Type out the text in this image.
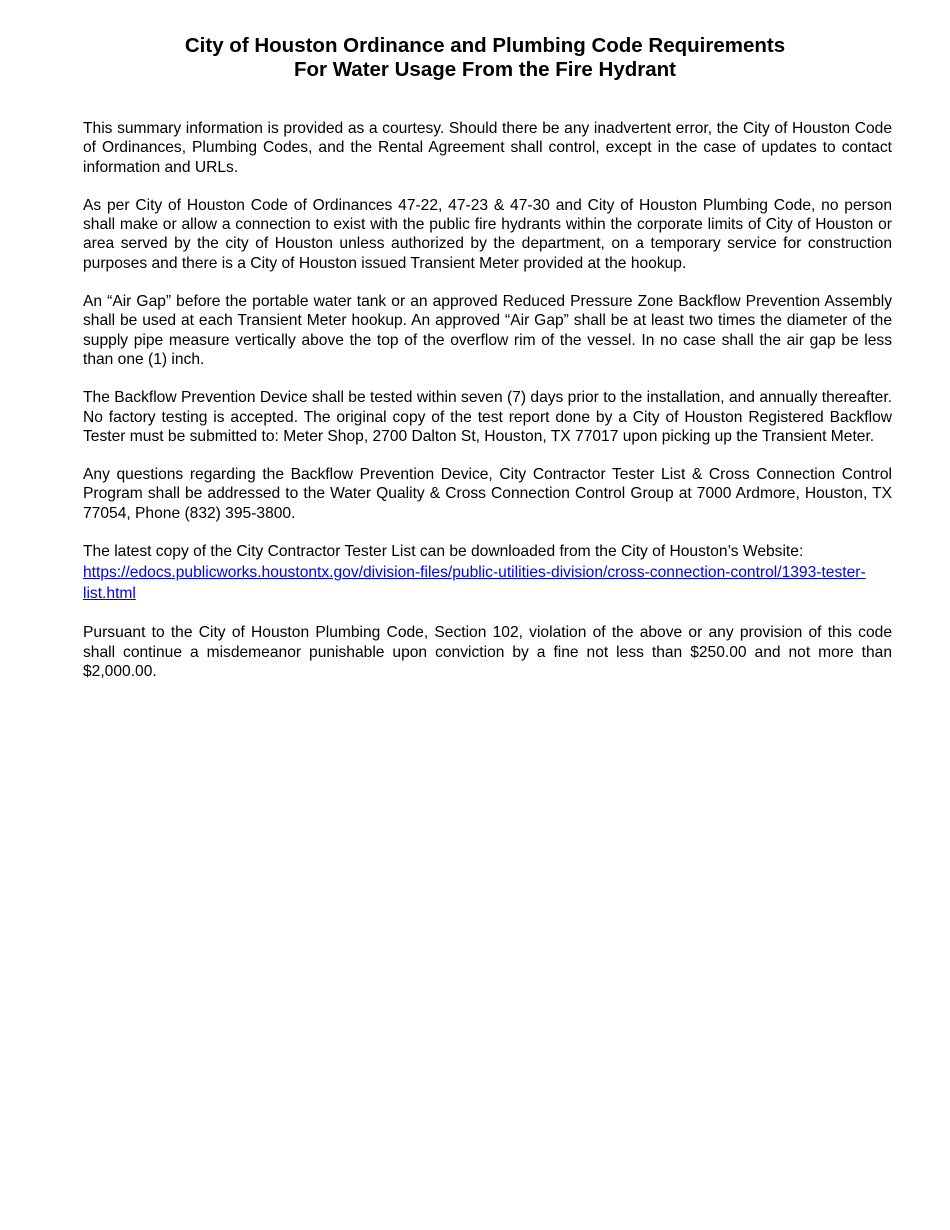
City of Houston Ordinance and Plumbing Code Requirements
For Water Usage From the Fire Hydrant

This summary information is provided as a courtesy. Should there be any inadvertent error, the City of Houston Code of Ordinances, Plumbing Codes, and the Rental Agreement shall control, except in the case of updates to contact information and URLs.

As per City of Houston Code of Ordinances 47-22, 47-23 & 47-30 and City of Houston Plumbing Code, no person shall make or allow a connection to exist with the public fire hydrants within the corporate limits of City of Houston or area served by the city of Houston unless authorized by the department, on a temporary service for construction purposes and there is a City of Houston issued Transient Meter provided at the hookup.

An “Air Gap” before the portable water tank or an approved Reduced Pressure Zone Backflow Prevention Assembly shall be used at each Transient Meter hookup. An approved “Air Gap” shall be at least two times the diameter of the supply pipe measure vertically above the top of the overflow rim of the vessel. In no case shall the air gap be less than one (1) inch.

The Backflow Prevention Device shall be tested within seven (7) days prior to the installation, and annually thereafter. No factory testing is accepted. The original copy of the test report done by a City of Houston Registered Backflow Tester must be submitted to: Meter Shop, 2700 Dalton St, Houston, TX 77017 upon picking up the Transient Meter.

Any questions regarding the Backflow Prevention Device, City Contractor Tester List & Cross Connection Control Program shall be addressed to the Water Quality & Cross Connection Control Group at 7000 Ardmore, Houston, TX 77054, Phone (832) 395-3800.

The latest copy of the City Contractor Tester List can be downloaded from the City of Houston’s Website:
https://edocs.publicworks.houstontx.gov/division-files/public-utilities-division/cross-connection-control/1393-tester-list.html

Pursuant to the City of Houston Plumbing Code, Section 102, violation of the above or any provision of this code shall continue a misdemeanor punishable upon conviction by a fine not less than $250.00 and not more than $2,000.00.
